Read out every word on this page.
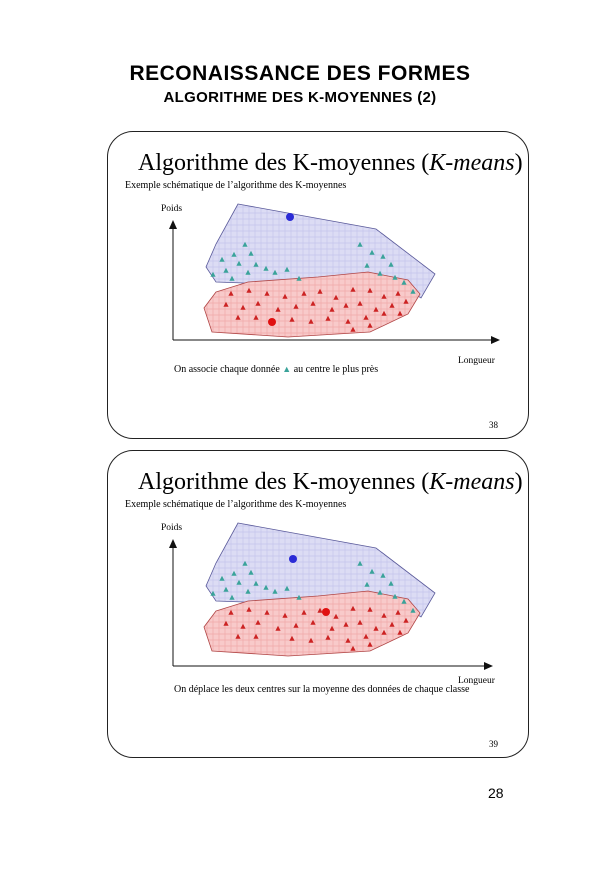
RECONAISSANCE DES FORMES
ALGORITHME DES K-MOYENNES (2)
Algorithme des K-moyennes (K-means)
Exemple schématique de l’algorithme des K-moyennes
Poids
Longueur
On associe chaque donnée ▲ au centre le plus près
38
Algorithme des K-moyennes (K-means)
Exemple schématique de l’algorithme des K-moyennes
Poids
Longueur
On déplace les deux centres sur la moyenne des données de chaque classe
39
28
